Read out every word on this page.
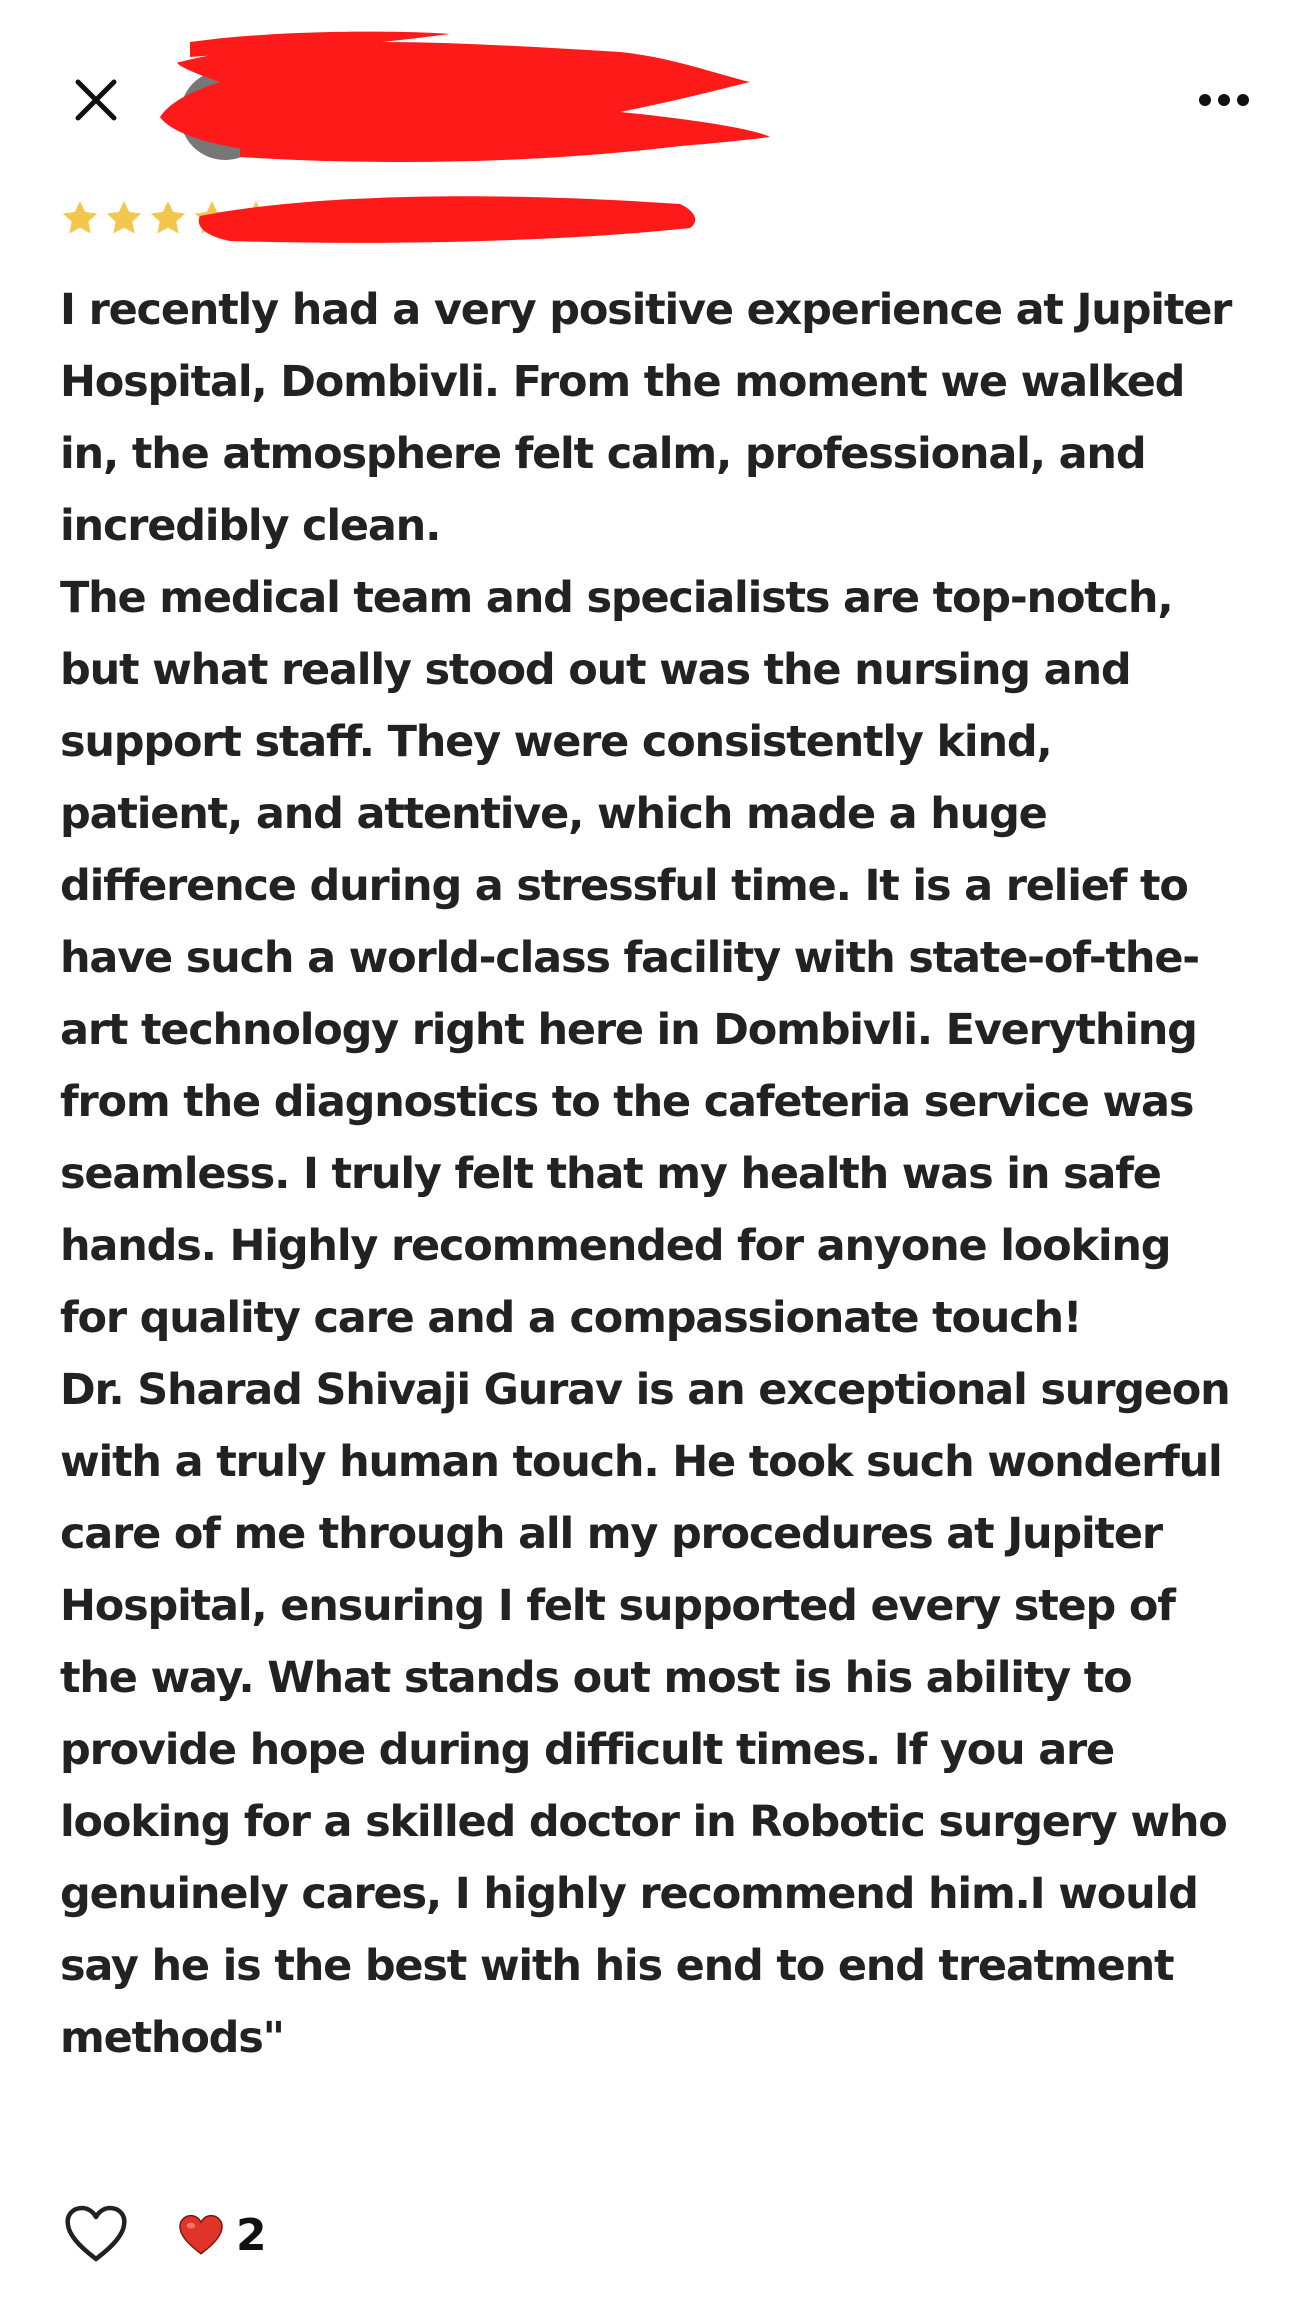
I recently had a very positive experience at Jupiter Hospital, Dombivli. From the moment we walked in, the atmosphere felt calm, professional, and incredibly clean.

The medical team and specialists are top-notch, but what really stood out was the nursing and support staff. They were consistently kind, patient, and attentive, which made a huge difference during a stressful time. It is a relief to have such a world-class facility with state-of-the-art technology right here in Dombivli. Everything from the diagnostics to the cafeteria service was seamless. I truly felt that my health was in safe hands. Highly recommended for anyone looking for quality care and a compassionate touch!

Dr. Sharad Shivaji Gurav is an exceptional surgeon with a truly human touch. He took such wonderful care of me through all my procedures at Jupiter Hospital, ensuring I felt supported every step of the way. What stands out most is his ability to provide hope during difficult times. If you are looking for a skilled doctor in Robotic surgery who genuinely cares, I highly recommend him.I would say he is the best with his end to end treatment methods"

2
